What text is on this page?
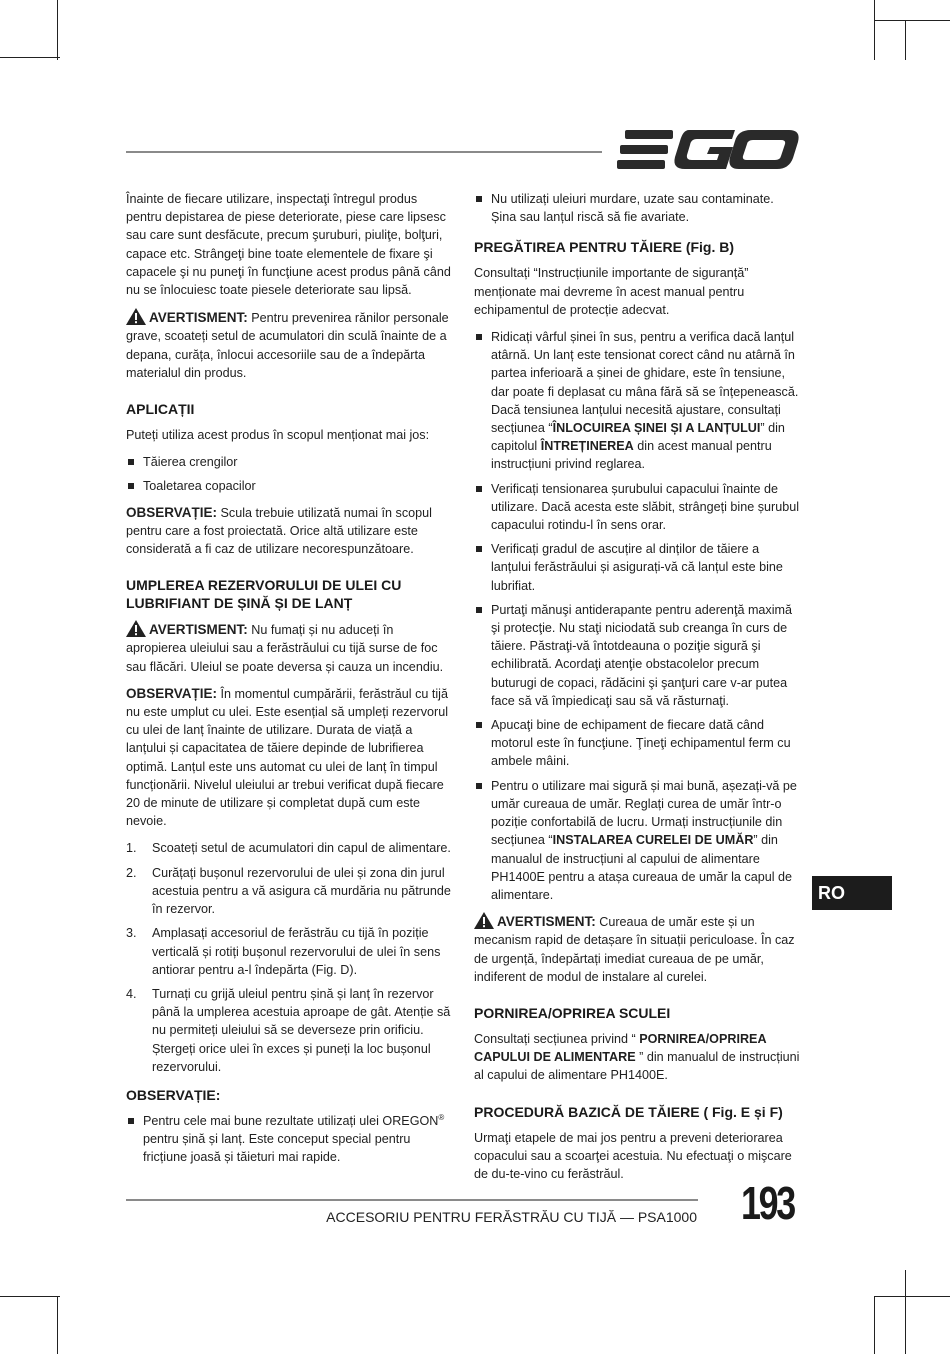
Înainte de fiecare utilizare, inspectaţi întregul produs pentru depistarea de piese deteriorate, piese care lipsesc sau care sunt desfăcute, precum şuruburi, piuliţe, bolţuri, capace etc. Strângeţi bine toate elementele de fixare şi capacele şi nu puneţi în funcţiune acest produs până când nu se înlocuiesc toate piesele deteriorate sau lipsă.

AVERTISMENT: Pentru prevenirea rănilor personale grave, scoateți setul de acumulatori din sculă înainte de a depana, curăța, înlocui accesoriile sau de a îndepărta materialul din produs.

APLICAȚII

Puteți utiliza acest produs în scopul menționat mai jos:

Tăierea crengilor
Toaletarea copacilor

OBSERVAȚIE: Scula trebuie utilizată numai în scopul pentru care a fost proiectată. Orice altă utilizare este considerată a fi caz de utilizare necorespunzătoare.

UMPLEREA REZERVORULUI DE ULEI CU LUBRIFIANT DE ȘINĂ ȘI DE LANȚ

AVERTISMENT: Nu fumați și nu aduceți în apropierea uleiului sau a ferăstrăului cu tijă surse de foc sau flăcări. Uleiul se poate deversa și cauza un incendiu.

OBSERVAȚIE: În momentul cumpărării, ferăstrăul cu tijă nu este umplut cu ulei. Este esențial să umpleți rezervorul cu ulei de lanț înainte de utilizare. Durata de viață a lanțului și capacitatea de tăiere depinde de lubrifierea optimă. Lanțul este uns automat cu ulei de lanț în timpul funcționării. Nivelul uleiului ar trebui verificat după fiecare 20 de minute de utilizare și completat după cum este nevoie.

1. Scoateți setul de acumulatori din capul de alimentare.
2. Curățați bușonul rezervorului de ulei și zona din jurul acestuia pentru a vă asigura că murdăria nu pătrunde în rezervor.
3. Amplasați accesoriul de ferăstrău cu tijă în poziție verticală și rotiți bușonul rezervorului de ulei în sens antiorar pentru a-l îndepărta (Fig. D).
4. Turnați cu grijă uleiul pentru șină și lanț în rezervor până la umplerea acestuia aproape de gât. Atenție să nu permiteți uleiului să se deverseze prin orificiu. Ștergeți orice ulei în exces și puneți la loc bușonul rezervorului.
OBSERVAȚIE:
Pentru cele mai bune rezultate utilizați ulei OREGON® pentru șină și lanț. Este conceput special pentru fricțiune joasă și tăieturi mai rapide.
Nu utilizați uleiuri murdare, uzate sau contaminate. Șina sau lanțul riscă să fie avariate.
PREGĂTIREA PENTRU TĂIERE (Fig. B)

Consultați “Instrucțiunile importante de siguranță” menționate mai devreme în acest manual pentru echipamentul de protecție adecvat.

Ridicați vârful șinei în sus, pentru a verifica dacă lanțul atârnă. Un lanț este tensionat corect când nu atârnă în partea inferioară a șinei de ghidare, este în tensiune, dar poate fi deplasat cu mâna fără să se înțepenească. Dacă tensiunea lanțului necesită ajustare, consultați secțiunea “ÎNLOCUIREA ȘINEI ȘI A LANȚULUI” din capitolul ÎNTREȚINEREA din acest manual pentru instrucțiuni privind reglarea.
Verificați tensionarea șurubului capacului înainte de utilizare. Dacă acesta este slăbit, strângeți bine șurubul capacului rotindu-l în sens orar.
Verificați gradul de ascuțire al dinților de tăiere a lanțului ferăstrăului și asigurați-vă că lanțul este bine lubrifiat.
Purtaţi mănuşi antiderapante pentru aderenţă maximă şi protecţie. Nu staţi niciodată sub creanga în curs de tăiere. Păstraţi-vă întotdeauna o poziţie sigură şi echilibrată. Acordaţi atenţie obstacolelor precum buturugi de copaci, rădăcini şi şanţuri care v-ar putea face să vă împiedicaţi sau să vă răsturnaţi.
Apucaţi bine de echipament de fiecare dată când motorul este în funcţiune. Ţineţi echipamentul ferm cu ambele mâini.
Pentru o utilizare mai sigură și mai bună, așezați-vă pe umăr cureaua de umăr. Reglați curea de umăr într-o poziție confortabilă de lucru. Urmați instrucțiunile din secțiunea “INSTALAREA CURELEI DE UMĂR” din manualul de instrucțiuni al capului de alimentare PH1400E pentru a atașa cureaua de umăr la capul de alimentare.

AVERTISMENT: Cureaua de umăr este și un mecanism rapid de detașare în situații periculoase. În caz de urgență, îndepărtați imediat cureaua de pe umăr, indiferent de modul de instalare al curelei.

PORNIREA/OPRIREA SCULEI

Consultați secțiunea privind “ PORNIREA/OPRIREA CAPULUI DE ALIMENTARE ” din manualul de instrucțiuni al capului de alimentare PH1400E.

PROCEDURĂ BAZICĂ DE TĂIERE ( Fig. E și F)

Urmaţi etapele de mai jos pentru a preveni deteriorarea copacului sau a scoarţei acestuia. Nu efectuaţi o mişcare de du-te-vino cu ferăstrăul.

RO
ACCESORIU PENTRU FERĂSTRĂU CU TIJĂ — PSA1000 193
